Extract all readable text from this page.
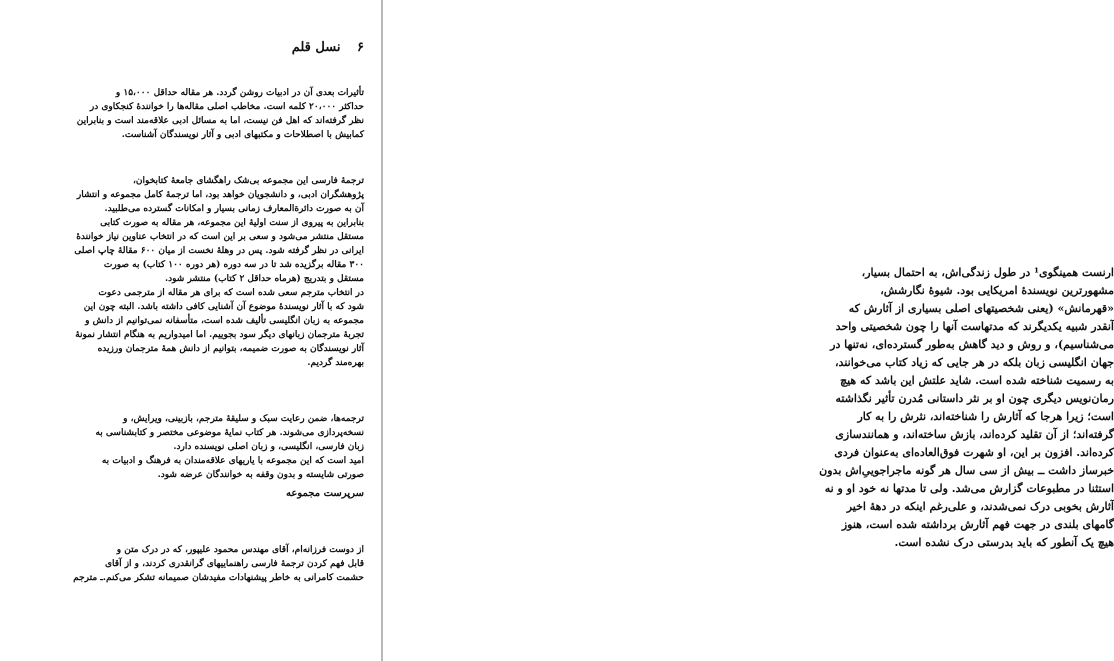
۶ نسل قلم

تأثیرات بعدی آن در ادبیات روشن گردد. هر مقاله حداقل ۱۵،۰۰۰ و

حداکثر ۲۰،۰۰۰ کلمه است. مخاطب اصلی مقاله‌ها را خوانندهٔ کنجکاوی در

نظر گرفته‌اند که اهل فن نیست، اما به مسائل ادبی علاقه‌مند است و بنابراین

کمابیش با اصطلاحات و مکتبهای ادبی و آثار نویسندگان آشناست.

ترجمهٔ فارسی این مجموعه بی‌شک راهگشای جامعهٔ کتابخوان،

پژوهشگران ادبی، و دانشجویان خواهد بود، اما ترجمهٔ کامل مجموعه و انتشار

آن به صورت دائرةالمعارف زمانی بسیار و امکانات گسترده می‌طلبید.

بنابراین به پیروی از سنت اولیهٔ این مجموعه، هر مقاله به صورت کتابی

مستقل منتشر می‌شود و سعی بر این است که در انتخاب عناوین نیاز خوانندهٔ

ایرانی در نظر گرفته شود. پس در وهلهٔ نخست از میان ۶۰۰ مقالهٔ چاپ اصلی

۳۰۰ مقاله برگزیده شد تا در سه دوره (هر دوره ۱۰۰ کتاب) به صورت

مستقل و بتدریج (هرماه حداقل ۲ کتاب) منتشر شود.

در انتخاب مترجم سعی شده است که برای هر مقاله از مترجمی دعوت

شود که با آثار نویسندهٔ موضوع آن آشنایی کافی داشته باشد. البته چون این

مجموعه به زبان انگلیسی تألیف شده است، متأسفانه نمی‌توانیم از دانش و

تجربهٔ مترجمان زبانهای دیگر سود بجوییم. اما امیدواریم به هنگام انتشار نمونهٔ

آثار نویسندگان به صورت ضمیمه، بتوانیم از دانش همهٔ مترجمان ورزیده

بهره‌مند گردیم.

ترجمه‌ها، ضمن رعایت سبک و سلیقهٔ مترجم، بازبینی، ویرایش، و

نسخه‌پردازی می‌شوند. هر کتاب نمایهٔ موضوعی مختصر و کتابشناسی به

زبان فارسی، انگلیسی، و زبان اصلی نویسنده دارد.

امید است که این مجموعه با یاریهای علاقه‌مندان به فرهنگ و ادبیات به

صورتی شایسته و بدون وقفه به خوانندگان عرضه شود.

سرپرست مجموعه

از دوست فرزانه‌ام، آقای مهندس محمود علیپور، که در درک متن و

قابل فهم کردن ترجمهٔ فارسی راهنماییهای گرانقدری کردند، و از آقای

حشمت کامرانی به خاطر پیشنهادات مفیدشان صمیمانه تشکر می‌کنم.ـ مترجم

ارنست همینگوی¹ در طول زندگی‌اش، به احتمال بسیار،

مشهورترین نویسندهٔ امریکایی بود. شیوهٔ نگارشش،

«قهرمانش» (یعنی شخصیتهای اصلی بسیاری از آثارش که

آنقدر شبیه یکدیگرند که مدتهاست آنها را چون شخصیتی واحد

می‌شناسیم)، و روش و دید گاهش به‌طور گسترده‌ای، نه‌تنها در

جهان انگلیسی زبان بلکه در هر جایی که زیاد کتاب می‌خوانند،

به رسمیت شناخته شده است. شاید علتش این باشد که هیچ

رمان‌نویس دیگری چون او بر نثر داستانی مُدرن تأثیر نگذاشته

است؛ زیرا هرجا که آثارش را شناخته‌اند، نثرش را به کار

گرفته‌اند؛ از آن تقلید کرده‌اند، بازش ساخته‌اند، و همانندسازی

کرده‌اند. افزون بر این، او شهرت فوق‌العاده‌ای به‌عنوان فردی

خبرساز داشت ــ بیش از سی سال هر گونه ماجراجوییِ‌اش بدون

استثنا در مطبوعات گزارش می‌شد. ولی تا مدتها نه خود او و نه

آثارش بخوبی درک نمی‌شدند، و علی‌رغم اینکه در دههٔ اخیر

گامهای بلندی در جهت فهم آثارش برداشته شده است، هنوز

هیچ یک آنطور که باید بدرستی درک نشده است.
